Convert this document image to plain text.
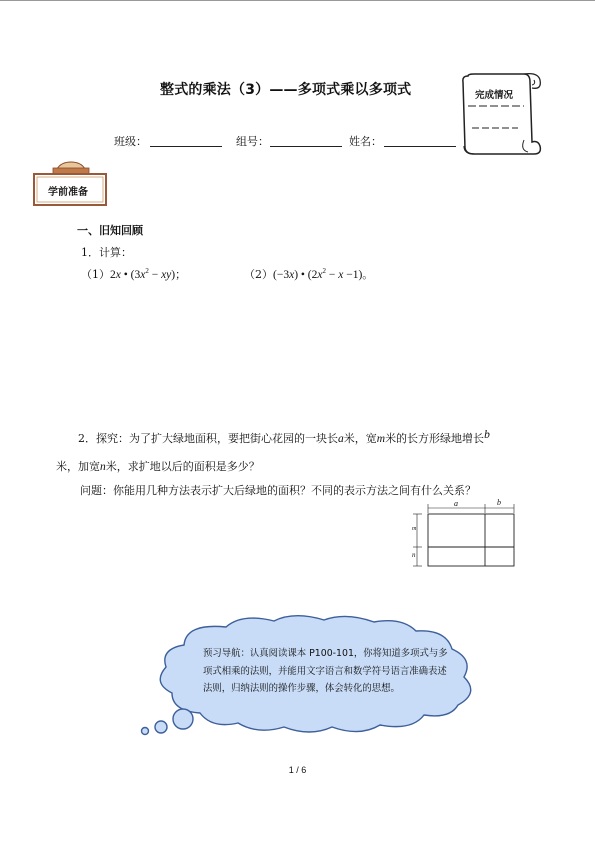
整式的乘法（3）——多项式乘以多项式	完成情况
班级：	组号：	姓名：
学前准备
一、旧知回顾
1．计算：
（1）2x • $(3x^2 - xy)$；	（2）(−3x) • $(2x^2 - x -1)$。
2．探究：为了扩大绿地面积，要把街心花园的一块长a米，宽m米的长方形绿地增长b
米，加宽n米，求扩地以后的面积是多少？
问题：你能用几种方法表示扩大后绿地的面积？不同的表示方法之间有什么关系？
a	b
m
n
预习导航：认真阅读课本 P100-101，你将知道多项式与多项式相乘的法则，并能用文字语言和数学符号语言准确表述法则，归纳法则的操作步骤，体会转化的思想。
1 / 6
